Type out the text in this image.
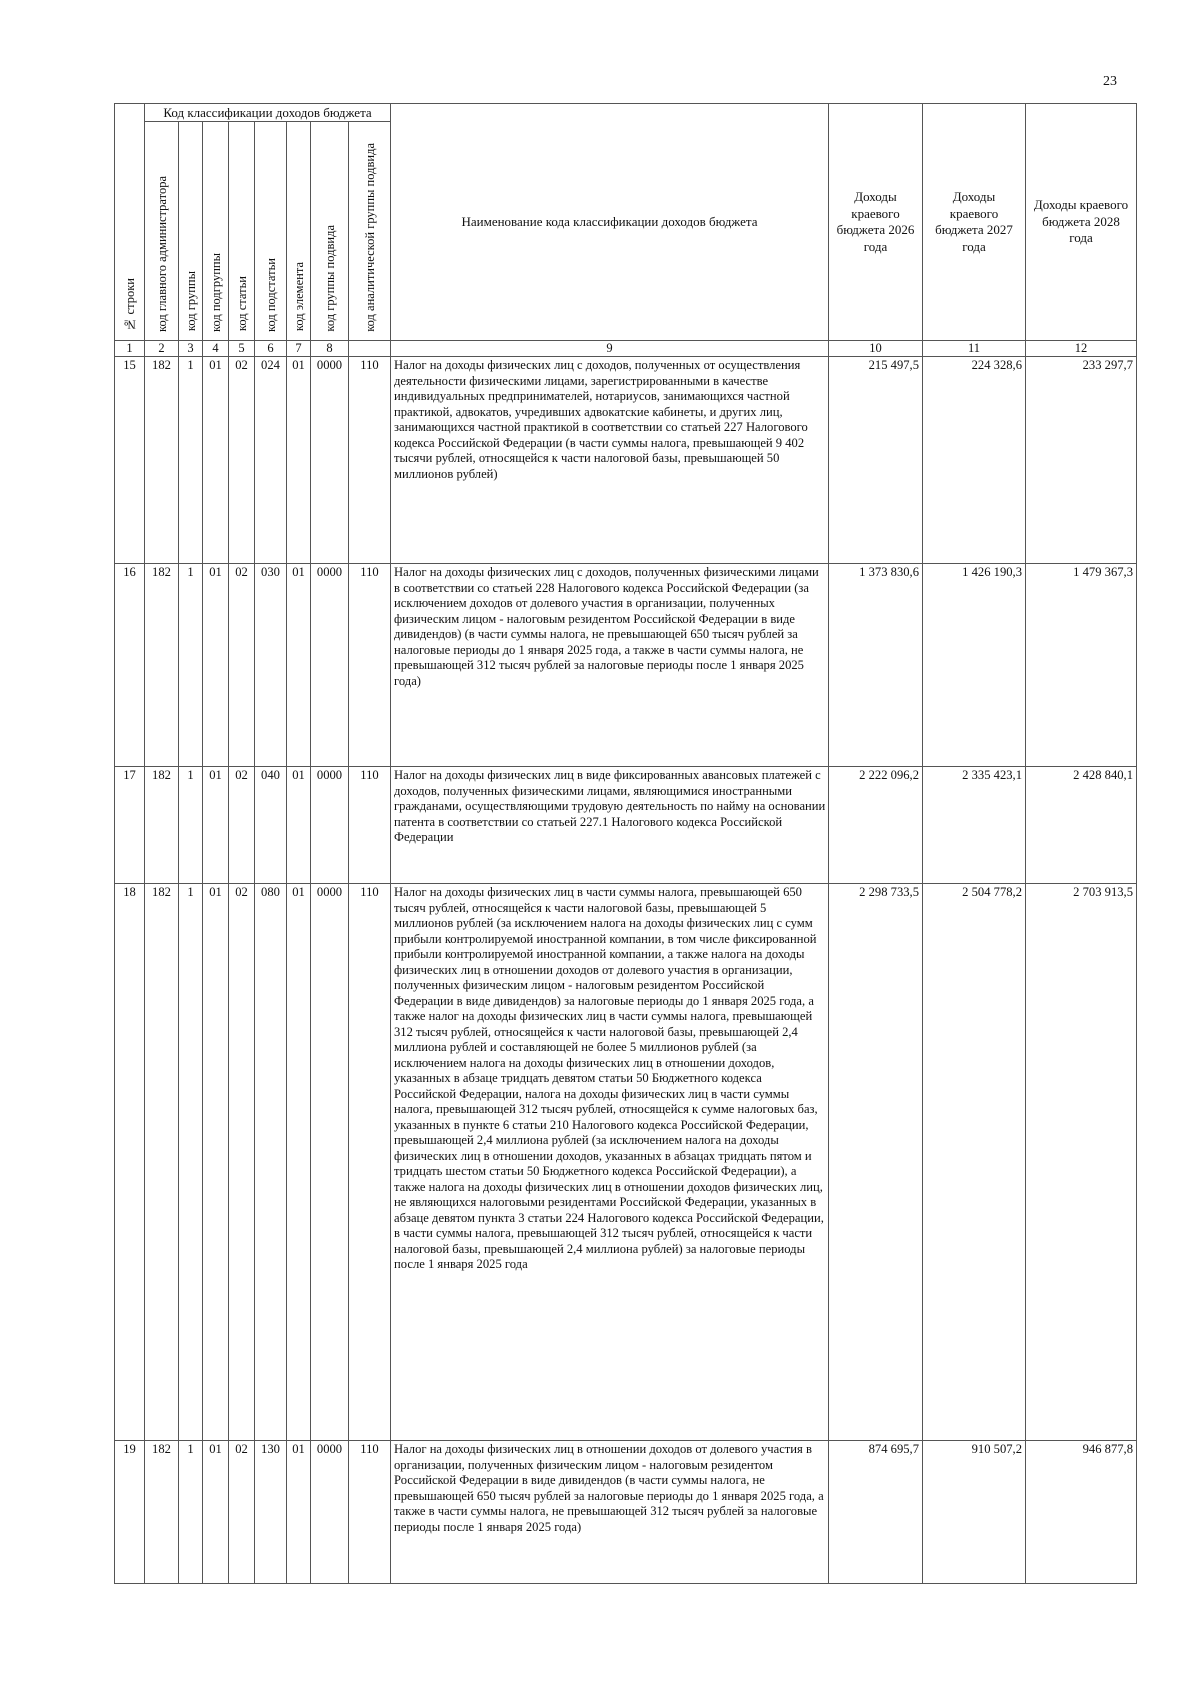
23
№ строки	Код классификации доходов бюджета								Наименование кода классификации доходов бюджета	Доходы краевого бюджета 2026 года	Доходы краевого бюджета 2027 года	Доходы краевого бюджета 2028 года
	код главного администратора	код группы	код подгруппы	код статьи	код подстатьи	код элемента	код группы подвида	код аналитической группы подвида				
1	2	3	4	5	6	7	8		9	10	11	12
15	182	1	01	02	024	01	0000	110	Налог на доходы физических лиц с доходов, полученных от осуществления деятельности физическими лицами, зарегистрированными в качестве индивидуальных предпринимателей, нотариусов, занимающихся частной практикой, адвокатов, учредивших адвокатские кабинеты, и других лиц, занимающихся частной практикой в соответствии со статьей 227 Налогового кодекса Российской Федерации (в части суммы налога, превышающей 9 402 тысячи рублей, относящейся к части налоговой базы, превышающей 50 миллионов рублей)	215 497,5	224 328,6	233 297,7
16	182	1	01	02	030	01	0000	110	Налог на доходы физических лиц с доходов, полученных физическими лицами в соответствии со статьей 228 Налогового кодекса Российской Федерации (за исключением доходов от долевого участия в организации, полученных физическим лицом - налоговым резидентом Российской Федерации в виде дивидендов) (в части суммы налога, не превышающей 650 тысяч рублей за налоговые периоды до 1 января 2025 года, а также в части суммы налога, не превышающей 312 тысяч рублей за налоговые периоды после 1 января 2025 года)	1 373 830,6	1 426 190,3	1 479 367,3
17	182	1	01	02	040	01	0000	110	Налог на доходы физических лиц в виде фиксированных авансовых платежей с доходов, полученных физическими лицами, являющимися иностранными гражданами, осуществляющими трудовую деятельность по найму на основании патента в соответствии со статьей 227.1 Налогового кодекса Российской Федерации	2 222 096,2	2 335 423,1	2 428 840,1
18	182	1	01	02	080	01	0000	110	Налог на доходы физических лиц в части суммы налога, превышающей 650 тысяч рублей, относящейся к части налоговой базы, превышающей 5 миллионов рублей (за исключением налога на доходы физических лиц с сумм прибыли контролируемой иностранной компании, в том числе фиксированной прибыли контролируемой иностранной компании, а также налога на доходы физических лиц в отношении доходов от долевого участия в организации, полученных физическим лицом - налоговым резидентом Российской Федерации в виде дивидендов) за налоговые периоды до 1 января 2025 года, а также налог на доходы физических лиц в части суммы налога, превышающей 312 тысяч рублей, относящейся к части налоговой базы, превышающей 2,4 миллиона рублей и составляющей не более 5 миллионов рублей (за исключением налога на доходы физических лиц в отношении доходов, указанных в абзаце тридцать девятом статьи 50 Бюджетного кодекса Российской Федерации, налога на доходы физических лиц в части суммы налога, превышающей 312 тысяч рублей, относящейся к сумме налоговых баз, указанных в пункте 6 статьи 210 Налогового кодекса Российской Федерации, превышающей 2,4 миллиона рублей (за исключением налога на доходы физических лиц в отношении доходов, указанных в абзацах тридцать пятом и тридцать шестом статьи 50 Бюджетного кодекса Российской Федерации), а также налога на доходы физических лиц в отношении доходов физических лиц, не являющихся налоговыми резидентами Российской Федерации, указанных в абзаце девятом пункта 3 статьи 224 Налогового кодекса Российской Федерации, в части суммы налога, превышающей 312 тысяч рублей, относящейся к части налоговой базы, превышающей 2,4 миллиона рублей) за налоговые периоды после 1 января 2025 года	2 298 733,5	2 504 778,2	2 703 913,5
19	182	1	01	02	130	01	0000	110	Налог на доходы физических лиц в отношении доходов от долевого участия в организации, полученных физическим лицом - налоговым резидентом Российской Федерации в виде дивидендов (в части суммы налога, не превышающей 650 тысяч рублей за налоговые периоды до 1 января 2025 года, а также в части суммы налога, не превышающей 312 тысяч рублей за налоговые периоды после 1 января 2025 года)	874 695,7	910 507,2	946 877,8
